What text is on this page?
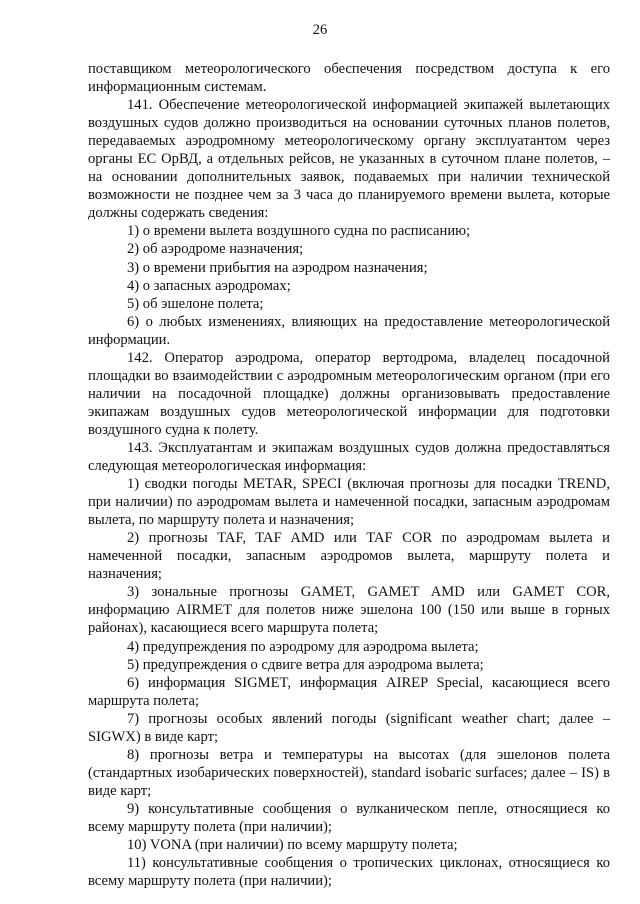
26

поставщиком метеорологического обеспечения посредством доступа к его информационным системам.

141. Обеспечение метеорологической информацией экипажей вылетающих воздушных судов должно производиться на основании суточных планов полетов, передаваемых аэродромному метеорологическому органу эксплуатантом через органы ЕС ОрВД, а отдельных рейсов, не указанных в суточном плане полетов, – на основании дополнительных заявок, подаваемых при наличии технической возможности не позднее чем за 3 часа до планируемого времени вылета, которые должны содержать сведения:

1) о времени вылета воздушного судна по расписанию;

2) об аэродроме назначения;

3) о времени прибытия на аэродром назначения;

4) о запасных аэродромах;

5) об эшелоне полета;

6) о любых изменениях, влияющих на предоставление метеорологической информации.

142. Оператор аэродрома, оператор вертодрома, владелец посадочной площадки во взаимодействии с аэродромным метеорологическим органом (при его наличии на посадочной площадке) должны организовывать предоставление экипажам воздушных судов метеорологической информации для подготовки воздушного судна к полету.

143. Эксплуатантам и экипажам воздушных судов должна предоставляться следующая метеорологическая информация:

1) сводки погоды METAR, SPECI (включая прогнозы для посадки TREND, при наличии) по аэродромам вылета и намеченной посадки, запасным аэродромам вылета, по маршруту полета и назначения;

2) прогнозы TAF, TAF AMD или TAF COR по аэродромам вылета и намеченной посадки, запасным аэродромов вылета, маршруту полета и назначения;

3) зональные прогнозы GAMET, GAMET AMD или GAMET COR, информацию AIRMET для полетов ниже эшелона 100 (150 или выше в горных районах), касающиеся всего маршрута полета;

4) предупреждения по аэродрому для аэродрома вылета;

5) предупреждения о сдвиге ветра для аэродрома вылета;

6) информация SIGMET, информация AIREP Special, касающиеся всего маршрута полета;

7) прогнозы особых явлений погоды (significant weather chart; далее – SIGWX) в виде карт;

8) прогнозы ветра и температуры на высотах (для эшелонов полета (стандартных изобарических поверхностей), standard isobaric surfaces; далее – IS) в виде карт;

9) консультативные сообщения о вулканическом пепле, относящиеся ко всему маршруту полета (при наличии);

10) VONA (при наличии) по всему маршруту полета;

11) консультативные сообщения о тропических циклонах, относящиеся ко всему маршруту полета (при наличии);
